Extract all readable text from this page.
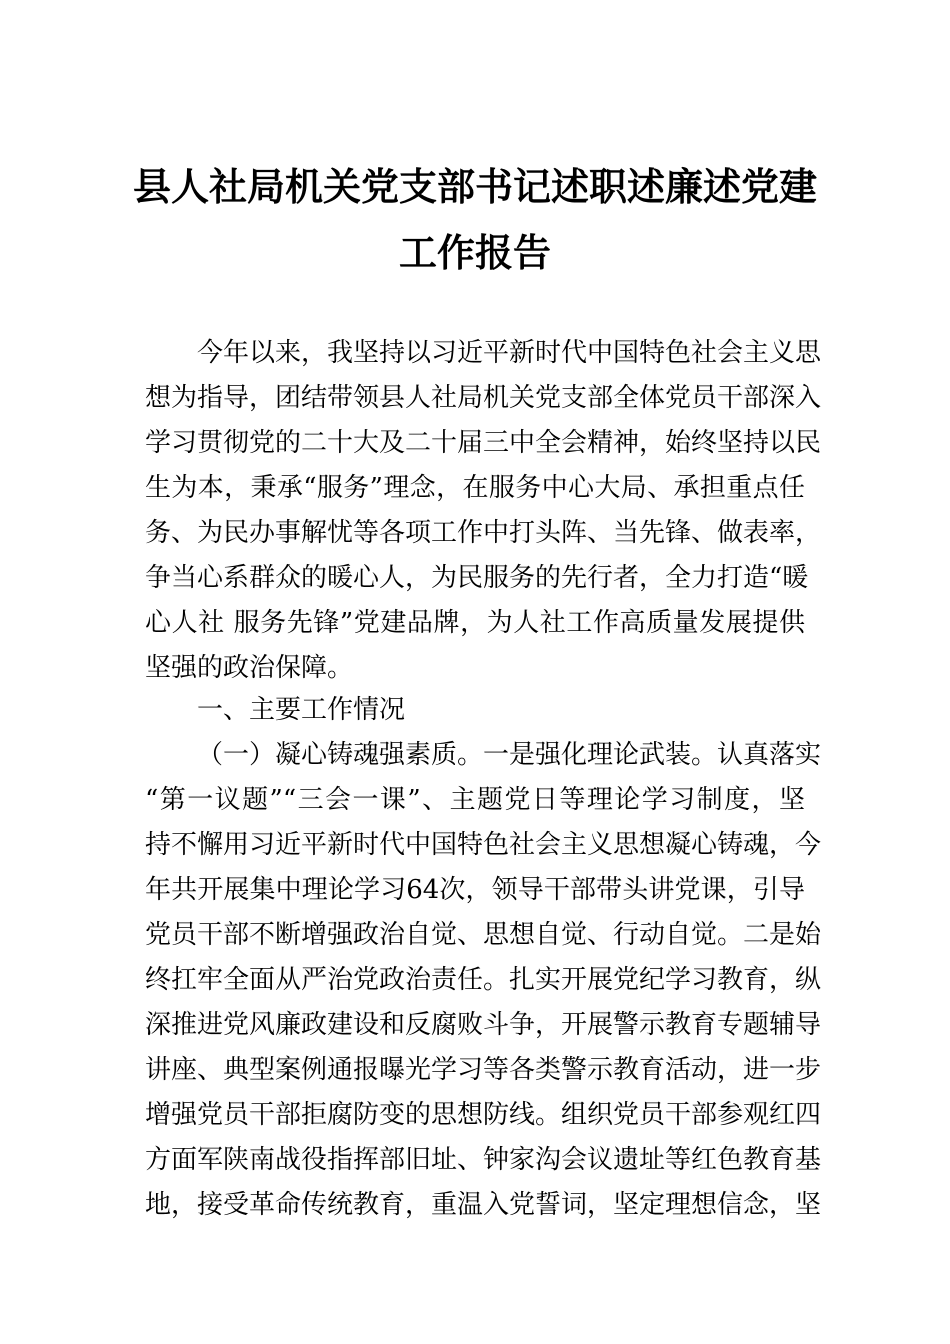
县人社局机关党支部书记述职述廉述党建
工作报告
今年以来，我坚持以习近平新时代中国特色社会主义思
想为指导，团结带领县人社局机关党支部全体党员干部深入
学习贯彻党的二十大及二十届三中全会精神，始终坚持以民
生为本，秉承“服务”理念，在服务中心大局、承担重点任
务、为民办事解忧等各项工作中打头阵、当先锋、做表率，
争当心系群众的暖心人，为民服务的先行者，全力打造“暖
心人社 服务先锋”党建品牌，为人社工作高质量发展提供
坚强的政治保障。
一、主要工作情况
（一）凝心铸魂强素质。一是强化理论武装。认真落实
“第一议题”“三会一课”、主题党日等理论学习制度，坚
持不懈用习近平新时代中国特色社会主义思想凝心铸魂，今
年共开展集中理论学习64次，领导干部带头讲党课，引导
党员干部不断增强政治自觉、思想自觉、行动自觉。二是始
终扛牢全面从严治党政治责任。扎实开展党纪学习教育，纵
深推进党风廉政建设和反腐败斗争，开展警示教育专题辅导
讲座、典型案例通报曝光学习等各类警示教育活动，进一步
增强党员干部拒腐防变的思想防线。组织党员干部参观红四
方面军陕南战役指挥部旧址、钟家沟会议遗址等红色教育基
地，接受革命传统教育，重温入党誓词，坚定理想信念，坚
